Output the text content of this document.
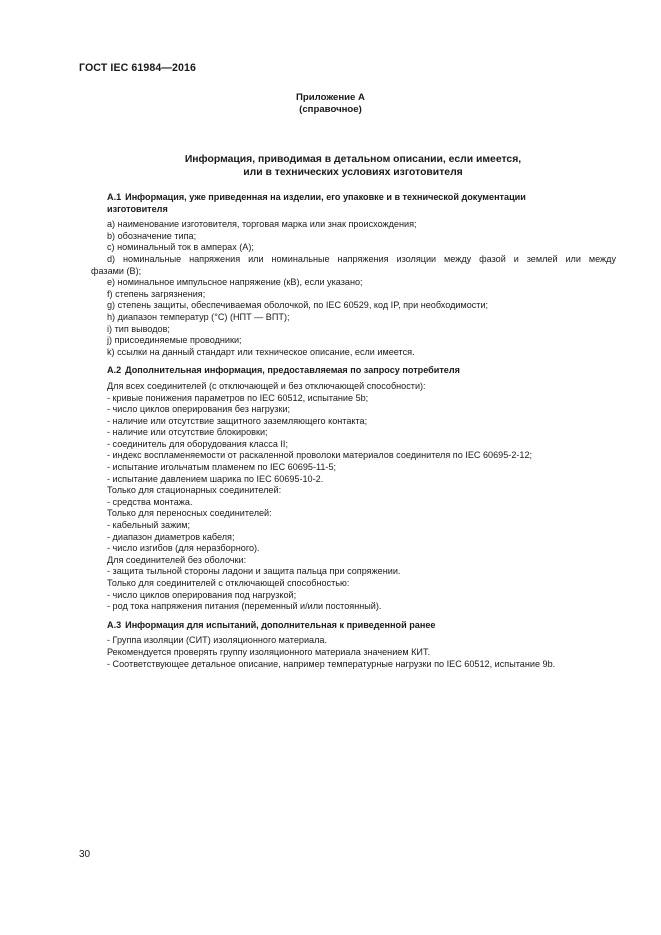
ГОСТ IEC 61984—2016
Приложение А
(справочное)
Информация, приводимая в детальном описании, если имеется,
или в технических условиях изготовителя

А.1 Информация, уже приведенная на изделии, его упаковке и в технической документации
изготовителя

а) наименование изготовителя, торговая марка или знак происхождения;

b) обозначение типа;

c) номинальный ток в амперах (А);

d) номинальные напряжения или номинальные напряжения изоляции между фазой и землей или между

фазами (В);

е) номинальное импульсное напряжение (кВ), если указано;

f) степень загрязнения;

g) степень защиты, обеспечиваемая оболочкой, по IEC 60529, код IP, при необходимости;

h) диапазон температур (°С) (НПТ — ВПТ);

i) тип выводов;

j) присоединяемые проводники;

k) ссылки на данный стандарт или техническое описание, если имеется.

А.2 Дополнительная информация, предоставляемая по запросу потребителя

Для всех соединителей (с отключающей и без отключающей способности):

- кривые понижения параметров по IEC 60512, испытание 5b;

- число циклов оперирования без нагрузки;

- наличие или отсутствие защитного заземляющего контакта;

- наличие или отсутствие блокировки;

- соединитель для оборудования класса II;

- индекс воспламеняемости от раскаленной проволоки материалов соединителя по IEC 60695-2-12;

- испытание игольчатым пламенем по IEC 60695-11-5;

- испытание давлением шарика по IEC 60695-10-2.

Только для стационарных соединителей:

- средства монтажа.

Только для переносных соединителей:

- кабельный зажим;

- диапазон диаметров кабеля;

- число изгибов (для неразборного).

Для соединителей без оболочки:

- защита тыльной стороны ладони и защита пальца при сопряжении.

Только для соединителей с отключающей способностью:

- число циклов оперирования под нагрузкой;

- род тока напряжения питания (переменный и/или постоянный).

А.3 Информация для испытаний, дополнительная к приведенной ранее

- Группа изоляции (СИТ) изоляционного материала.

Рекомендуется проверять группу изоляционного материала значением КИТ.

- Соответствующее детальное описание, например температурные нагрузки по IEC 60512, испытание 9b.

30
